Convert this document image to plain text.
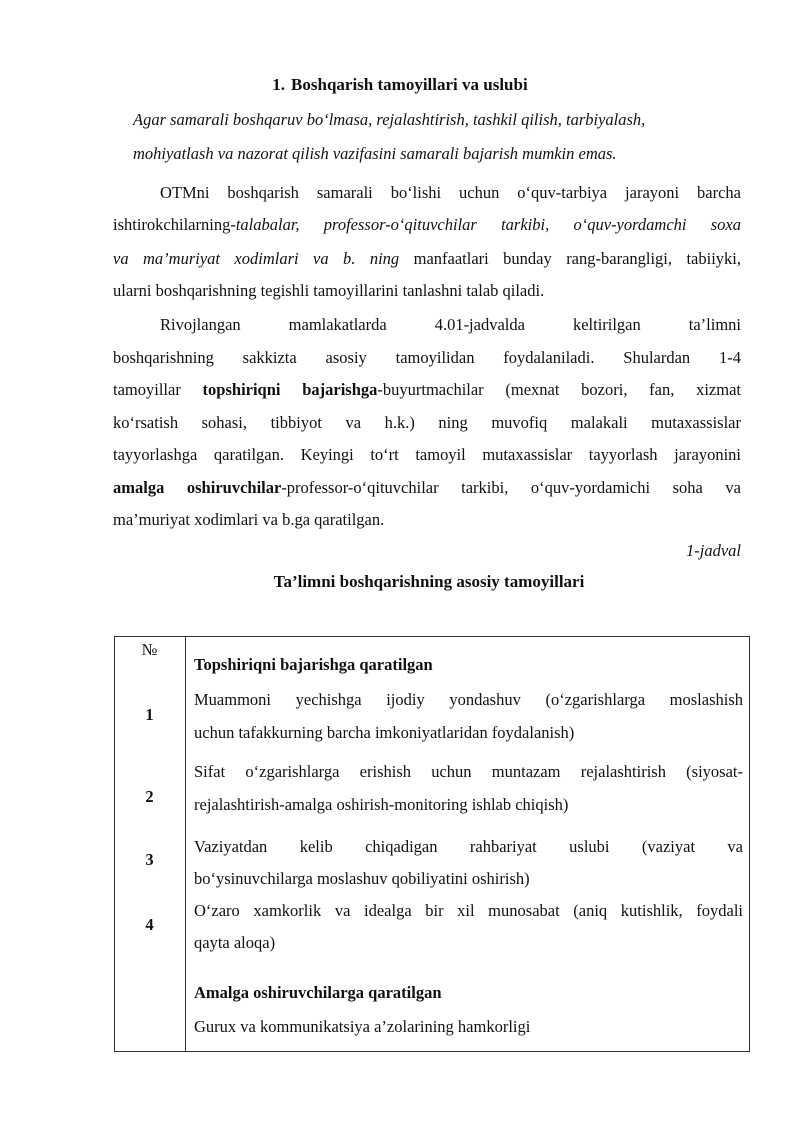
1. Boshqarish tamoyillari va uslubi
Agar samarali boshqaruv bo‘lmasa, rejalashtirish, tashkil qilish, tarbiyalash,
mohiyatlash va nazorat qilish vazifasini samarali bajarish mumkin emas.
OTMni boshqarish samarali bo‘lishi uchun o‘quv-tarbiya jarayoni barcha
ishtirokchilarning-talabalar, professor-o‘qituvchilar tarkibi, o‘quv-yordamchi soxa
va ma’muriyat xodimlari va b. ning manfaatlari bunday rang-barangligi, tabiiyki,
ularni boshqarishning tegishli tamoyillarini tanlashni talab qiladi.
Rivojlangan mamlakatlarda 4.01-jadvalda keltirilgan ta’limni
boshqarishning sakkizta asosiy tamoyilidan foydalaniladi. Shulardan 1-4
tamoyillar topshiriqni bajarishga-buyurtmachilar (mexnat bozori, fan, xizmat
ko‘rsatish sohasi, tibbiyot va h.k.) ning muvofiq malakali mutaxassislar
tayyorlashga qaratilgan. Keyingi to‘rt tamoyil mutaxassislar tayyorlash jarayonini
amalga oshiruvchilar-professor-o‘qituvchilar tarkibi, o‘quv-yordamichi soha va
ma’muriyat xodimlari va b.ga qaratilgan.
1-jadval
Ta’limni boshqarishning asosiy tamoyillari
№
1
2
3
4
Topshiriqni bajarishga qaratilgan
Muammoni yechishga ijodiy yondashuv (o‘zgarishlarga moslashish
uchun tafakkurning barcha imkoniyatlaridan foydalanish)
Sifat o‘zgarishlarga erishish uchun muntazam rejalashtirish (siyosat-
rejalashtirish-amalga oshirish-monitoring ishlab chiqish)
Vaziyatdan kelib chiqadigan rahbariyat uslubi (vaziyat va
bo‘ysinuvchilarga moslashuv qobiliyatini oshirish)
O‘zaro xamkorlik va idealga bir xil munosabat (aniq kutishlik, foydali
qayta aloqa)
Amalga oshiruvchilarga qaratilgan
Gurux va kommunikatsiya a’zolarining hamkorligi
